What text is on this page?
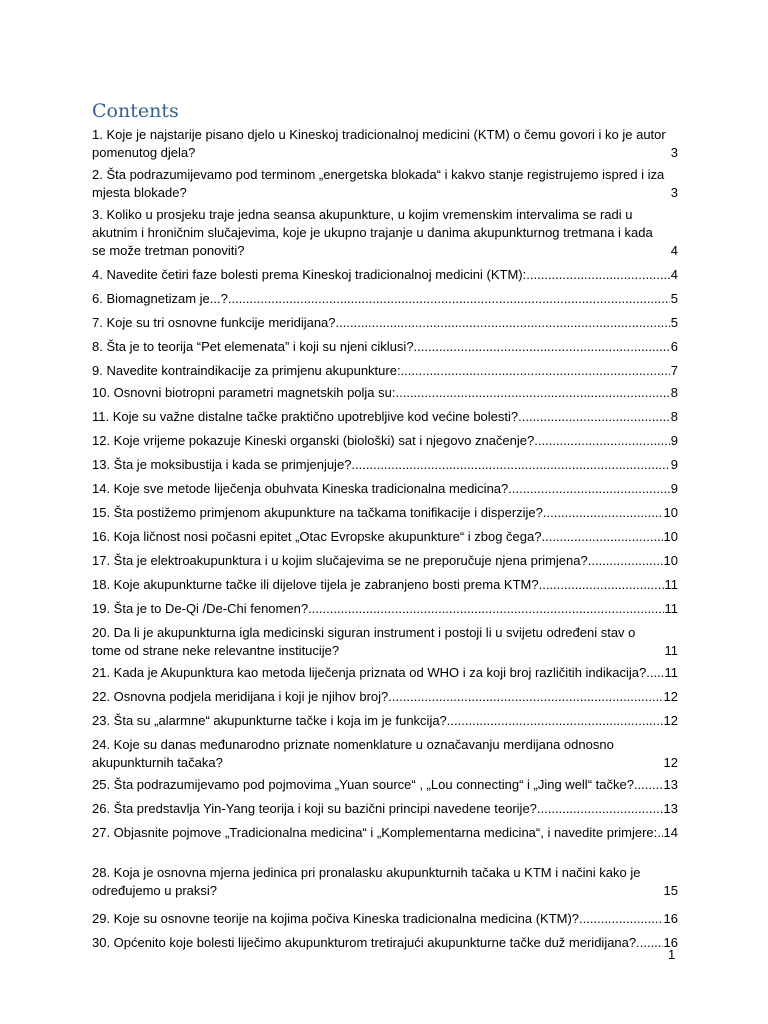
Contents
1. Koje je najstarije pisano djelo u Kineskoj tradicionalnoj medicini (KTM) o čemu govori i ko je autor pomenutog djela?	3
2. Šta podrazumijevamo pod terminom „energetska blokada“ i kakvo stanje registrujemo ispred i iza mjesta blokade?	3
3. Koliko u prosjeku traje jedna seansa akupunkture, u kojim vremenskim intervalima se radi u akutnim i hroničnim slučajevima, koje je ukupno trajanje u danima akupunkturnog tretmana i kada se može tretman ponoviti?	4
4. Navedite četiri faze bolesti prema Kineskoj tradicionalnoj medicini (KTM): .....	4
6. Biomagnetizam je...? .....	5
7. Koje su tri osnovne funkcije meridijana? .....	5
8. Šta je to teorija “Pet elemenata” i koji su njeni ciklusi? .....	6
9. Navedite kontraindikacije za primjenu akupunkture: .....	7
10. Osnovni biotropni parametri magnetskih polja su: .....	8
11. Koje su važne distalne tačke praktično upotrebljive kod većine bolesti? .....	8
12. Koje vrijeme pokazuje Kineski organski (biološki) sat i njegovo značenje? .....	9
13. Šta je moksibustija i kada se primjenjuje? .....	9
14. Koje sve metode liječenja obuhvata Kineska tradicionalna medicina? .....	9
15. Šta postižemo primjenom akupunkture na tačkama tonifikacije i disperzije? .....	10
16. Koja ličnost nosi počasni epitet „Otac Evropske akupunkture“ i zbog čega? .....	10
17. Šta je elektroakupunktura i u kojim slučajevima se ne preporučuje njena primjena? .....	10
18. Koje akupunkturne tačke ili dijelove tijela je zabranjeno bosti prema KTM? .....	11
19. Šta je to De-Qi /De-Chi fenomen? .....	11
20. Da li je akupunkturna igla medicinski siguran instrument i postoji li u svijetu određeni stav o tome od strane neke relevantne institucije?	11
21. Kada je Akupunktura kao metoda liječenja priznata od WHO i za koji broj različitih indikacija? ..... 11
22. Osnovna podjela meridijana i koji je njihov broj? .....	12
23. Šta su „alarmne“ akupunkturne tačke i koja im je funkcija? .....	12
24. Koje su danas međunarodno priznate nomenklature u označavanju merdijana odnosno akupunkturnih tačaka?	12
25. Šta podrazumijevamo pod pojmovima „Yuan source“ , „Lou connecting“ i „Jing well“ tačke? ..... 13
26. Šta predstavlja Yin-Yang teorija i koji su bazični principi navedene teorije? .....	13
27. Objasnite pojmove „Tradicionalna medicina“ i „Komplementarna medicina“, i navedite primjere: ..... 14
28. Koja je osnovna mjerna jedinica pri pronalasku akupunkturnih tačaka u KTM i načini kako je određujemo u praksi?	15
29. Koje su osnovne teorije na kojima počiva Kineska tradicionalna medicina (KTM)? .....	16
30. Općenito koje bolesti liječimo akupunkturom tretirajući akupunkturne tačke duž meridijana? ..... 16
1
